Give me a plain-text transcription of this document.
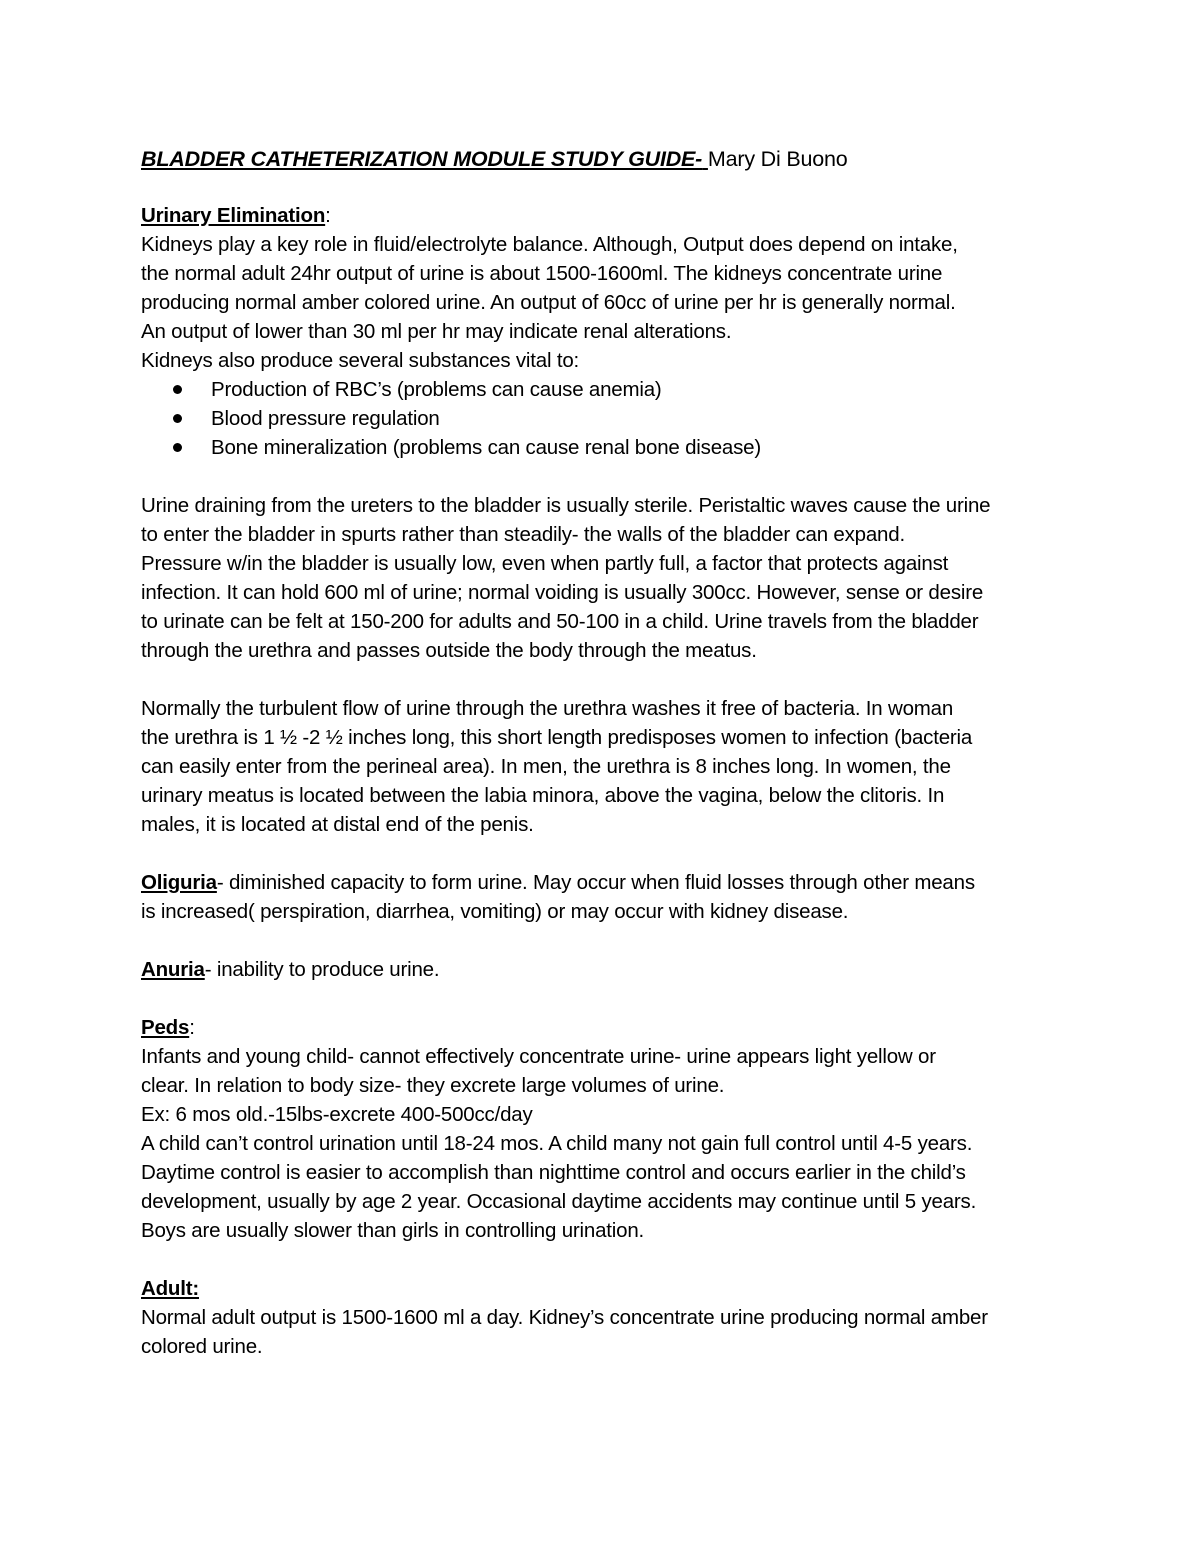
BLADDER CATHETERIZATION MODULE STUDY GUIDE- Mary Di Buono

Urinary Elimination:

Kidneys play a key role in fluid/electrolyte balance. Although, Output does depend on intake,

the normal adult 24hr output of urine is about 1500-1600ml. The kidneys concentrate urine

producing normal amber colored urine. An output of 60cc of urine per hr is generally normal.

An output of lower than 30 ml per hr may indicate renal alterations.

Kidneys also produce several substances vital to:

Production of RBC’s (problems can cause anemia)
Blood pressure regulation
Bone mineralization (problems can cause renal bone disease)

Urine draining from the ureters to the bladder is usually sterile. Peristaltic waves cause the urine

to enter the bladder in spurts rather than steadily- the walls of the bladder can expand.

Pressure w/in the bladder is usually low, even when partly full, a factor that protects against

infection. It can hold 600 ml of urine; normal voiding is usually 300cc. However, sense or desire

to urinate can be felt at 150-200 for adults and 50-100 in a child. Urine travels from the bladder

through the urethra and passes outside the body through the meatus.

Normally the turbulent flow of urine through the urethra washes it free of bacteria. In woman

the urethra is 1 ½ -2 ½ inches long, this short length predisposes women to infection (bacteria

can easily enter from the perineal area). In men, the urethra is 8 inches long. In women, the

urinary meatus is located between the labia minora, above the vagina, below the clitoris. In

males, it is located at distal end of the penis.

Oliguria- diminished capacity to form urine. May occur when fluid losses through other means

is increased( perspiration, diarrhea, vomiting) or may occur with kidney disease.

Anuria- inability to produce urine.

Peds:

Infants and young child- cannot effectively concentrate urine- urine appears light yellow or

clear. In relation to body size- they excrete large volumes of urine.

Ex: 6 mos old.-15lbs-excrete 400-500cc/day

A child can’t control urination until 18-24 mos. A child many not gain full control until 4-5 years.

Daytime control is easier to accomplish than nighttime control and occurs earlier in the child’s

development, usually by age 2 year. Occasional daytime accidents may continue until 5 years.

Boys are usually slower than girls in controlling urination.

Adult:

Normal adult output is 1500-1600 ml a day. Kidney’s concentrate urine producing normal amber

colored urine.
